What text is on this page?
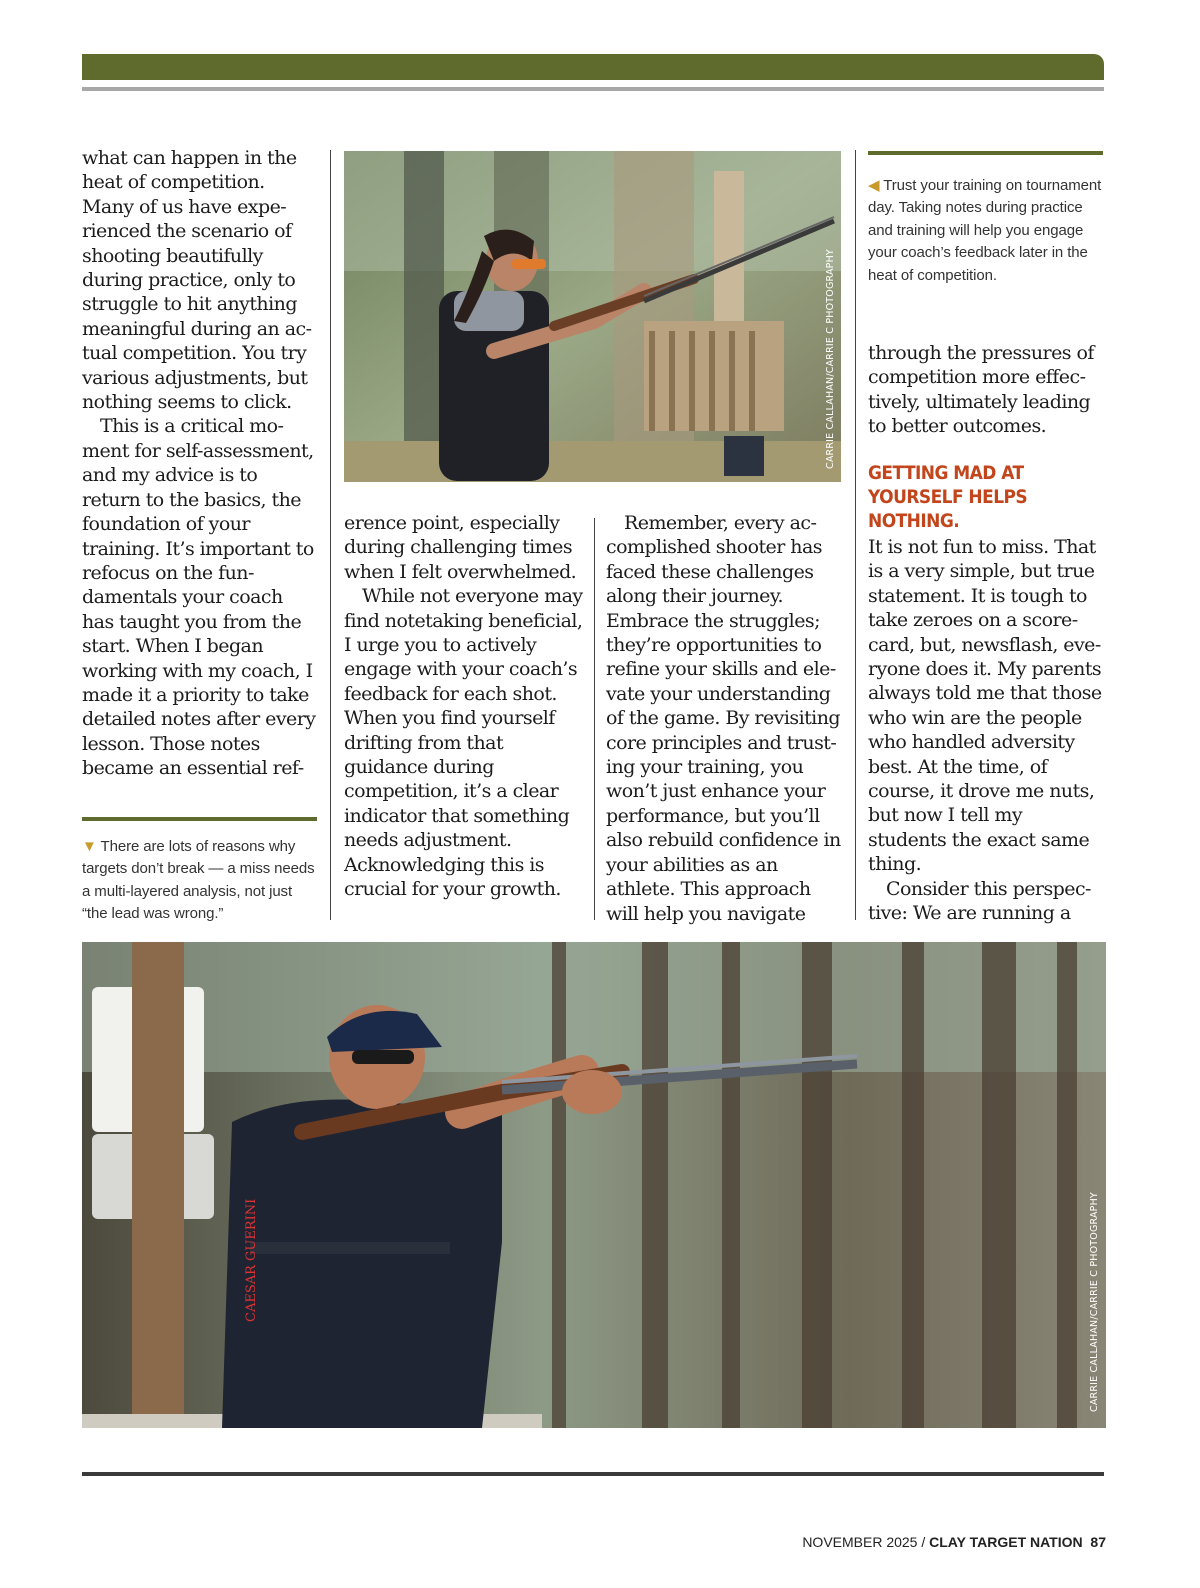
what can happen in the heat of competition. Many of us have experienced the scenario of shooting beautifully during practice, only to struggle to hit anything meaningful during an actual competition. You try various adjustments, but nothing seems to click.

This is a critical moment for self-assessment, and my advice is to return to the basics, the foundation of your training. It’s important to refocus on the fundamentals your coach has taught you from the start. When I began working with my coach, I made it a priority to take detailed notes after every lesson. Those notes became an essential ref-

▼ There are lots of reasons why targets don’t break — a miss needs a multi-layered analysis, not just “the lead was wrong.”
CARRIE CALLAHAN/CARRIE C PHOTOGRAPHY

erence point, especially during challenging times when I felt overwhelmed.

While not everyone may find notetaking beneficial, I urge you to actively engage with your coach’s feedback for each shot. When you find yourself drifting from that guidance during competition, it’s a clear indicator that something needs adjustment. Acknowledging this is crucial for your growth.

Remember, every accomplished shooter has faced these challenges along their journey. Embrace the struggles; they’re opportunities to refine your skills and elevate your understanding of the game. By revisiting core principles and trusting your training, you won’t just enhance your performance, but you’ll also rebuild confidence in your abilities as an athlete. This approach will help you navigate

◀ Trust your training on tournament day. Taking notes during practice and training will help you engage your coach’s feedback later in the heat of competition.

through the pressures of competition more effectively, ultimately leading to better outcomes.

GETTING MAD AT YOURSELF HELPS NOTHING.

It is not fun to miss. That is a very simple, but true statement. It is tough to take zeroes on a scorecard, but, newsflash, everyone does it. My parents always told me that those who win are the people who handled adversity best. At the time, of course, it drove me nuts, but now I tell my students the exact same thing.

Consider this perspective: We are running a

CAESAR GUERINI	CARRIE CALLAHAN/CARRIE C PHOTOGRAPHY
NOVEMBER 2025 / CLAY TARGET NATION 87
